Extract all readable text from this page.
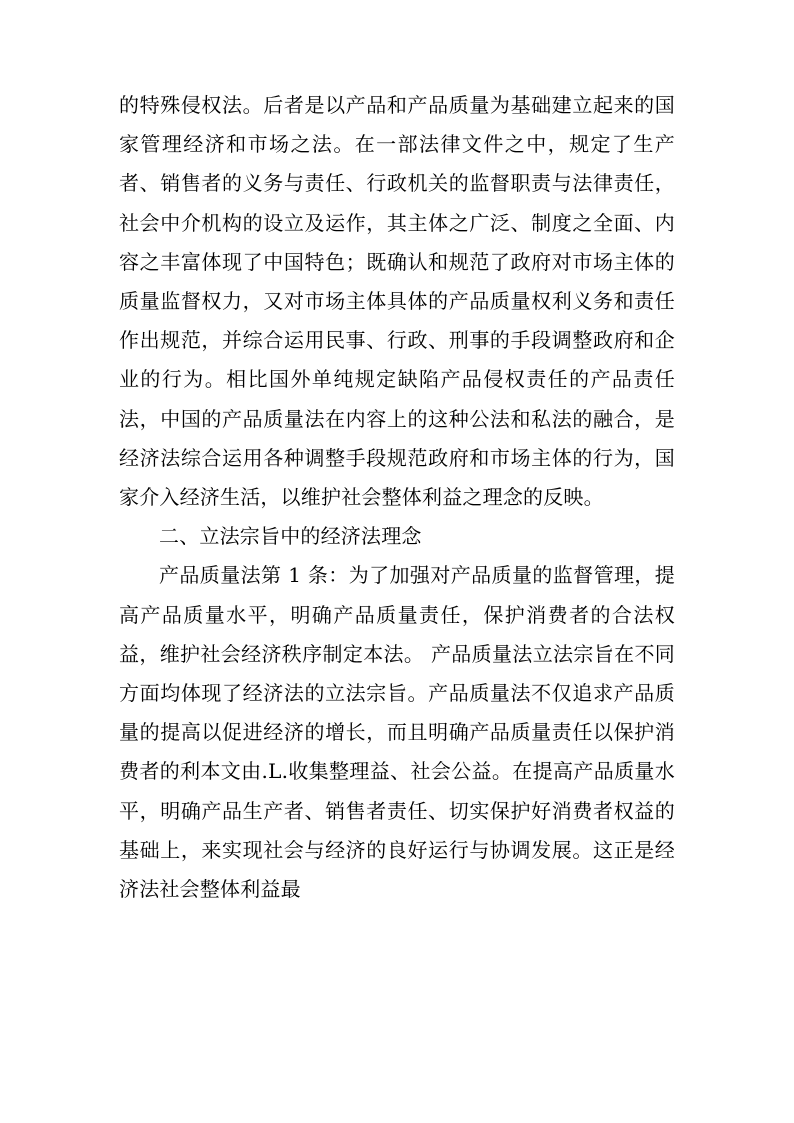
的特殊侵权法。后者是以产品和产品质量为基础建立起来的国家管理经济和市场之法。在一部法律文件之中，规定了生产者、销售者的义务与责任、行政机关的监督职责与法律责任，社会中介机构的设立及运作，其主体之广泛、制度之全面、内容之丰富体现了中国特色；既确认和规范了政府对市场主体的质量监督权力，又对市场主体具体的产品质量权利义务和责任作出规范，并综合运用民事、行政、刑事的手段调整政府和企业的行为。相比国外单纯规定缺陷产品侵权责任的产品责任法，中国的产品质量法在内容上的这种公法和私法的融合，是经济法综合运用各种调整手段规范政府和市场主体的行为，国家介入经济生活，以维护社会整体利益之理念的反映。

二、立法宗旨中的经济法理念

产品质量法第 1 条：为了加强对产品质量的监督管理，提高产品质量水平，明确产品质量责任，保护消费者的合法权益，维护社会经济秩序制定本法。 产品质量法立法宗旨在不同方面均体现了经济法的立法宗旨。产品质量法不仅追求产品质量的提高以促进经济的增长，而且明确产品质量责任以保护消费者的利本文由.L.收集整理益、社会公益。在提高产品质量水平，明确产品生产者、销售者责任、切实保护好消费者权益的基础上，来实现社会与经济的良好运行与协调发展。这正是经济法社会整体利益最
